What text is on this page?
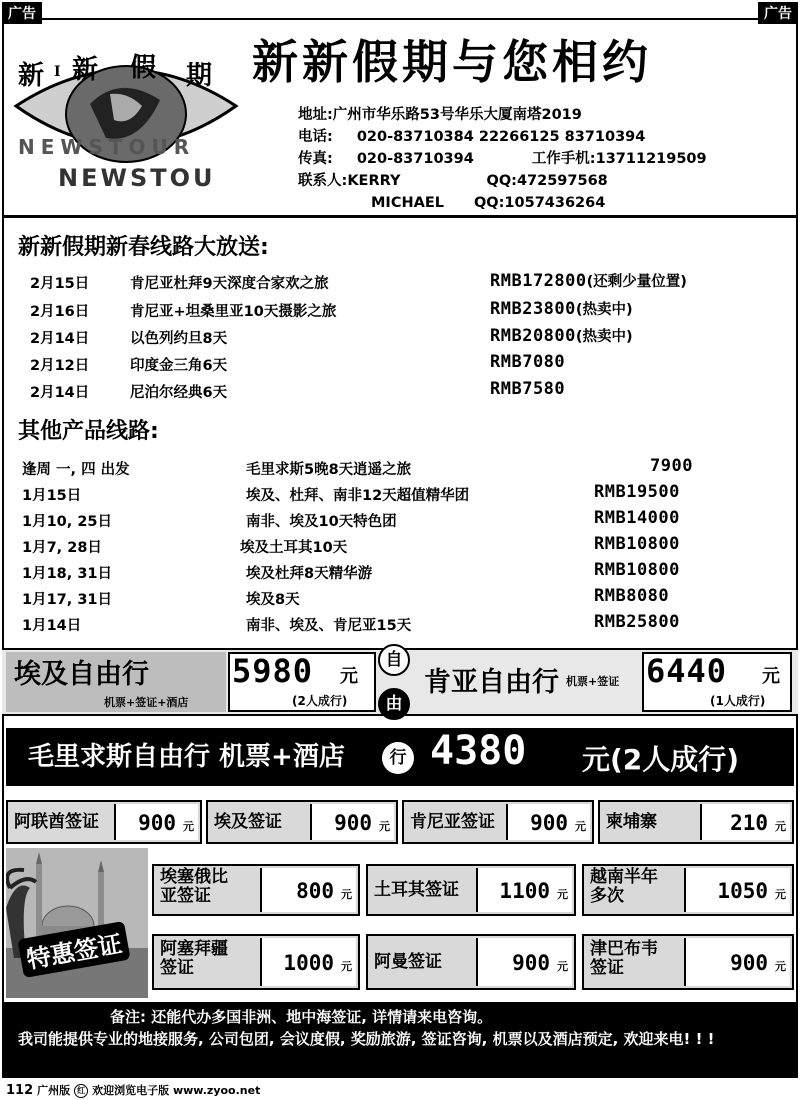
广告	广告
新 I 新 假 期
NEWSTOUR
NEWSTOU
新新假期与您相约
地址:广州市华乐路53号华乐大厦南塔2019
电话: 020-83710384 22266125 83710394
传真: 020-83710394	工作手机:13711219509
联系人:KERRY	QQ:472597568
MICHAEL QQ:1057436264
新新假期新春线路大放送:
2月15日	肯尼亚杜拜9天深度合家欢之旅	RMB172800(还剩少量位置)
2月16日	肯尼亚+坦桑里亚10天摄影之旅	RMB23800(热卖中)
2月14日	以色列约旦8天	RMB20800(热卖中)
2月12日	印度金三角6天	RMB7080
2月14日	尼泊尔经典6天	RMB7580
其他产品线路:
逢周 一, 四 出发	毛里求斯5晚8天逍遥之旅	7900
1月15日	埃及、杜拜、南非12天超值精华团	RMB19500
1月10, 25日	南非、埃及10天特色团	RMB14000
1月7, 28日	埃及土耳其10天	RMB10800
1月18, 31日	埃及杜拜8天精华游	RMB10800
1月17, 31日	埃及8天	RMB8080
1月14日	南非、埃及、肯尼亚15天	RMB25800
埃及自由行
机票+签证+酒店
5980 元
(2人成行)
自
由
肯亚自由行 机票+签证 6440 元
(1人成行)
毛里求斯自由行 机票+酒店	行 4380 元(2人成行)
阿联酋签证 900 元 埃及签证 900 元 肯尼亚签证 900 元 柬埔寨	210 元
特惠签证
埃塞俄比
亚签证	800 元 土耳其签证 1100 元
越南半年
多次	1050 元
阿塞拜疆
签证	1000 元 阿曼签证	900 元
津巴布韦
签证	900 元
备注: 还能代办多国非洲、地中海签证, 详情请来电咨询。
我司能提供专业的地接服务, 公司包团, 会议度假, 奖励旅游, 签证咨询, 机票以及酒店预定, 欢迎来电! ! !
112 广州版 红 欢迎浏览电子版 www.zyoo.net
